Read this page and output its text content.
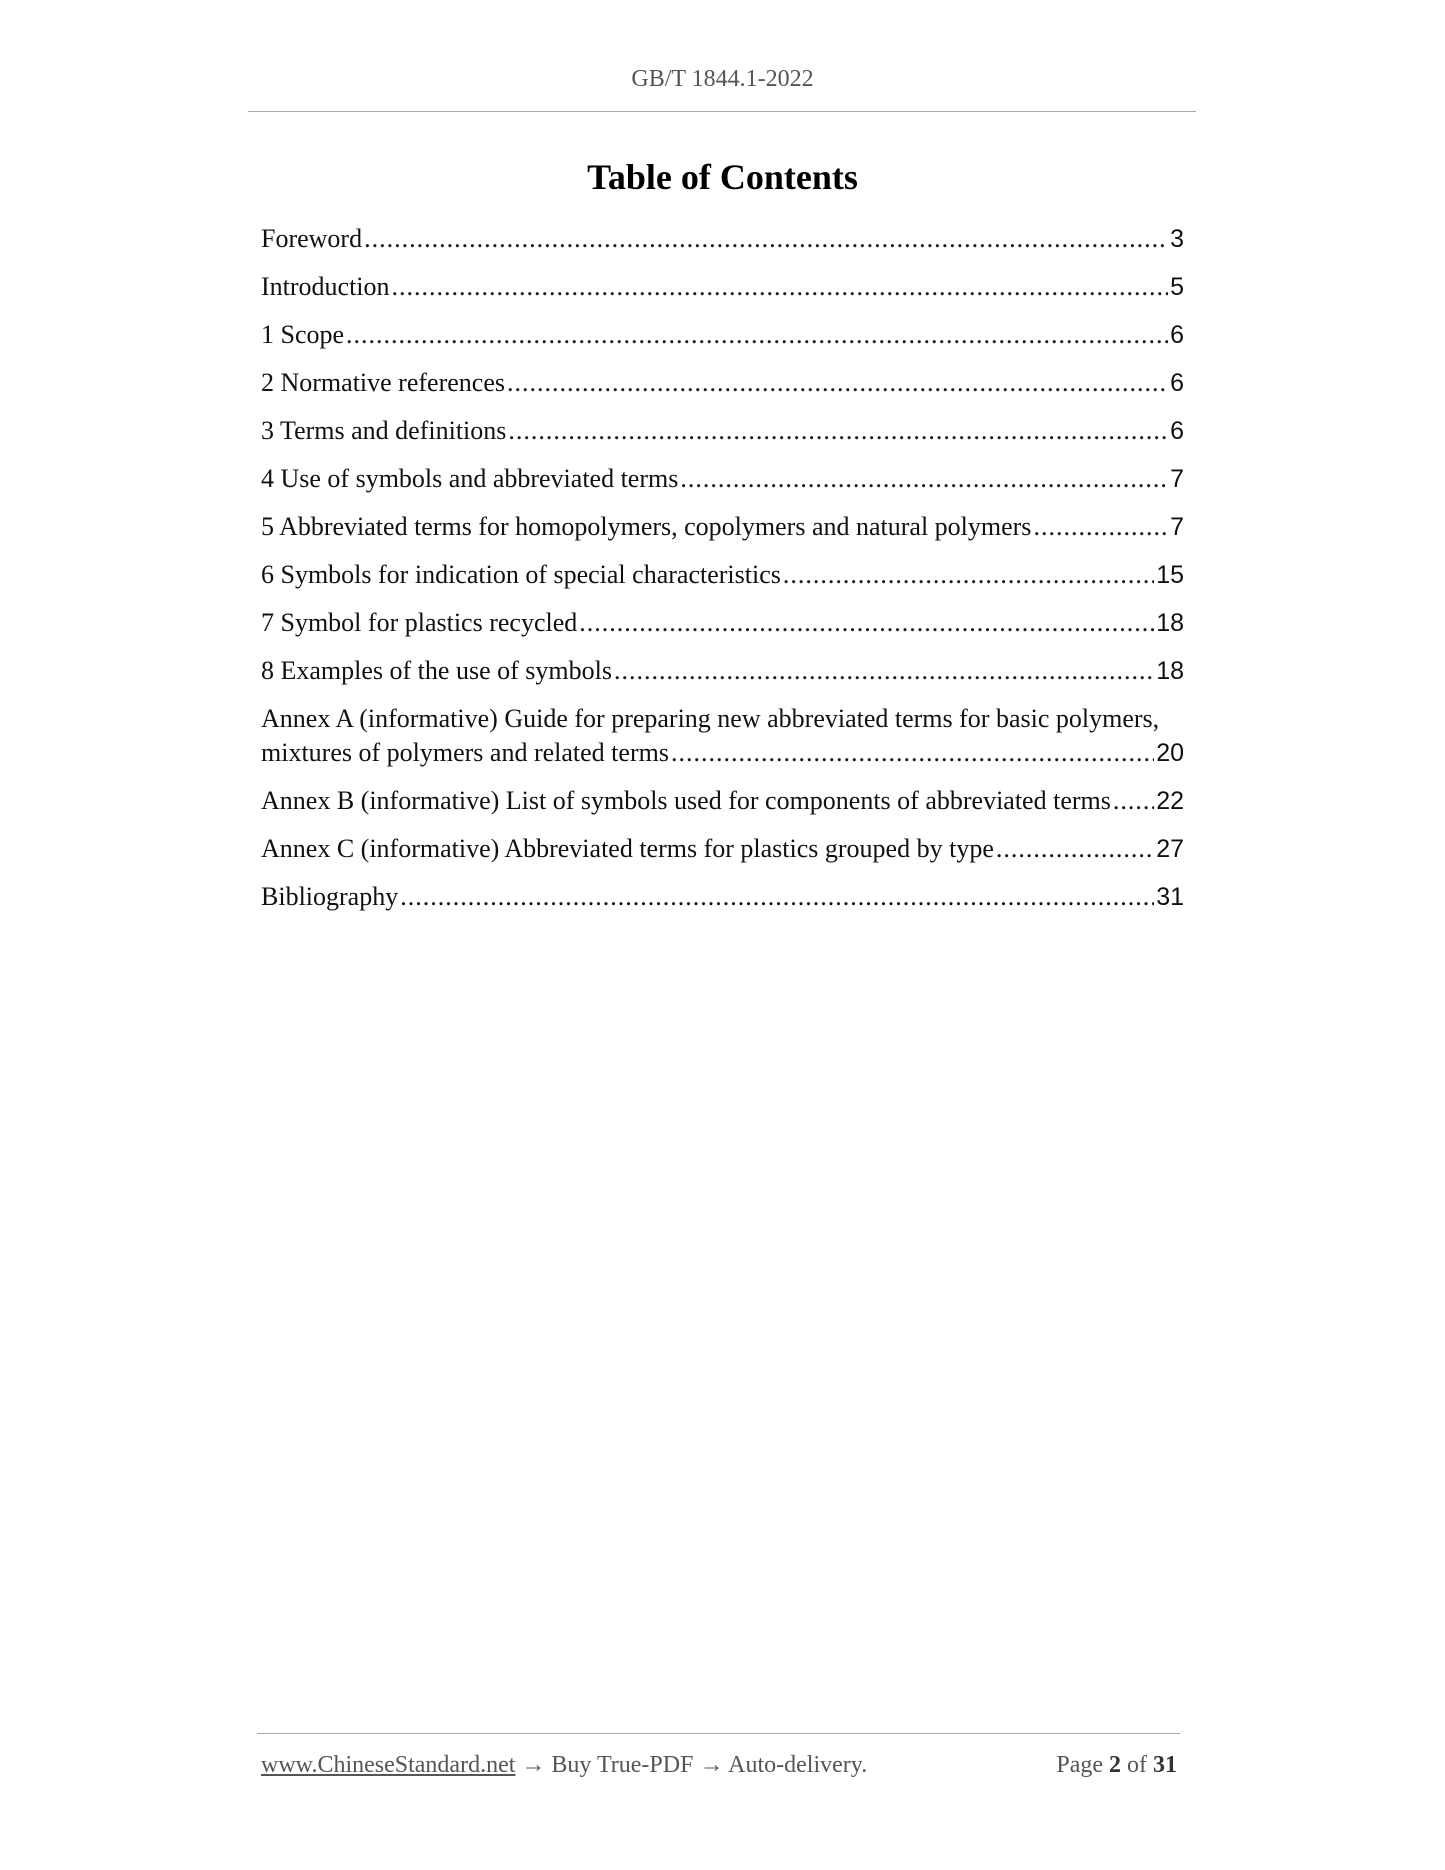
GB/T 1844.1-2022
Table of Contents
Foreword .....	3
Introduction .....	5
1 Scope .....	6
2 Normative references .....	6
3 Terms and definitions .....	6
4 Use of symbols and abbreviated terms .....	7
5 Abbreviated terms for homopolymers, copolymers and natural polymers .....	7
6 Symbols for indication of special characteristics .....	15
7 Symbol for plastics recycled .....	18
8 Examples of the use of symbols .....	18
Annex A (informative) Guide for preparing new abbreviated terms for basic polymers,
mixtures of polymers and related terms .....	20
Annex B (informative) List of symbols used for components of abbreviated terms ..... 22
Annex C (informative) Abbreviated terms for plastics grouped by type .....	27
Bibliography .....	31
www.ChineseStandard.net → Buy True-PDF → Auto-delivery.	Page 2 of 31
